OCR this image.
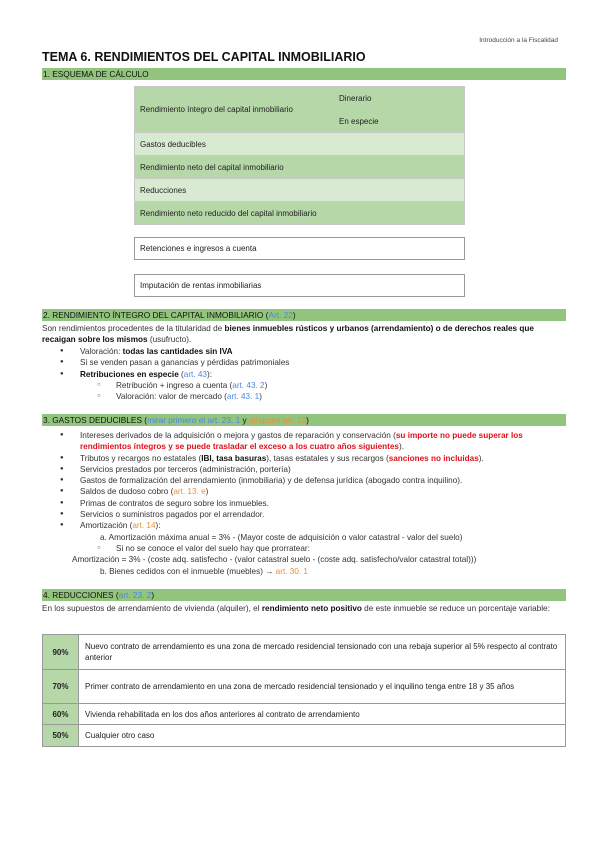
Introducción a la Fiscalidad
TEMA 6. RENDIMIENTOS DEL CAPITAL INMOBILIARIO
1. ESQUEMA DE CÁLCULO
Rendimiento íntegro del capital inmobiliario	Dinerario
En especie
Gastos deducibles
Rendimiento neto del capital inmobiliario
Reducciones
Rendimiento neto reducido del capital inmobiliario
Retenciones e ingresos a cuenta
Imputación de rentas inmobiliarias
2. RENDIMIENTO ÍNTEGRO DEL CAPITAL INMOBILIARIO (Art. 22)
Son rendimientos procedentes de la titularidad de bienes inmuebles rústicos y urbanos (arrendamiento) o de derechos reales que recaigan sobre los mismos (usufructo).
● Valoración: todas las cantidades sin IVA
● Si se venden pasan a ganancias y pérdidas patrimoniales
● Retribuciones en especie (art. 43):
○ Retribución + ingreso a cuenta (art. 43. 2)
○ Valoración: valor de mercado (art. 43. 1)
3. GASTOS DEDUCIBLES (mirar primero el art. 23. 1 y después art. 13)
● Intereses derivados de la adquisición o mejora y gastos de reparación y conservación (su importe no puede superar los rendimientos íntegros y se puede trasladar el exceso a los cuatro años siguientes).
● Tributos y recargos no estatales (IBI, tasa basuras), tasas estatales y sus recargos (sanciones no incluidas).
● Servicios prestados por terceros (administración, portería)
● Gastos de formalización del arrendamiento (inmobiliaria) y de defensa jurídica (abogado contra inquilino).
● Saldos de dudoso cobro (art. 13. e)
● Primas de contratos de seguro sobre los inmuebles.
● Servicios o suministros pagados por el arrendador.
● Amortización (art. 14):
a. Amortización máxima anual = 3% - (Mayor coste de adquisición o valor catastral - valor del suelo)
○ Si no se conoce el valor del suelo hay que prorratear:
Amortización = 3% - (coste adq. satisfecho - (valor catastral suelo - (coste adq. satisfecho/valor catastral total)))
b. Bienes cedidos con el inmueble (muebles) → art. 30. 1
4. REDUCCIONES (art. 23. 2)
En los supuestos de arrendamiento de vivienda (alquiler), el rendimiento neto positivo de este inmueble se reduce un porcentaje variable:
90%	Nuevo contrato de arrendamiento es una zona de mercado residencial tensionado con una rebaja superior al 5% respecto al contrato anterior
70%	Primer contrato de arrendamiento en una zona de mercado residencial tensionado y el inquilino tenga entre 18 y 35 años
60%	Vivienda rehabilitada en los dos años anteriores al contrato de arrendamiento
50%	Cualquier otro caso
